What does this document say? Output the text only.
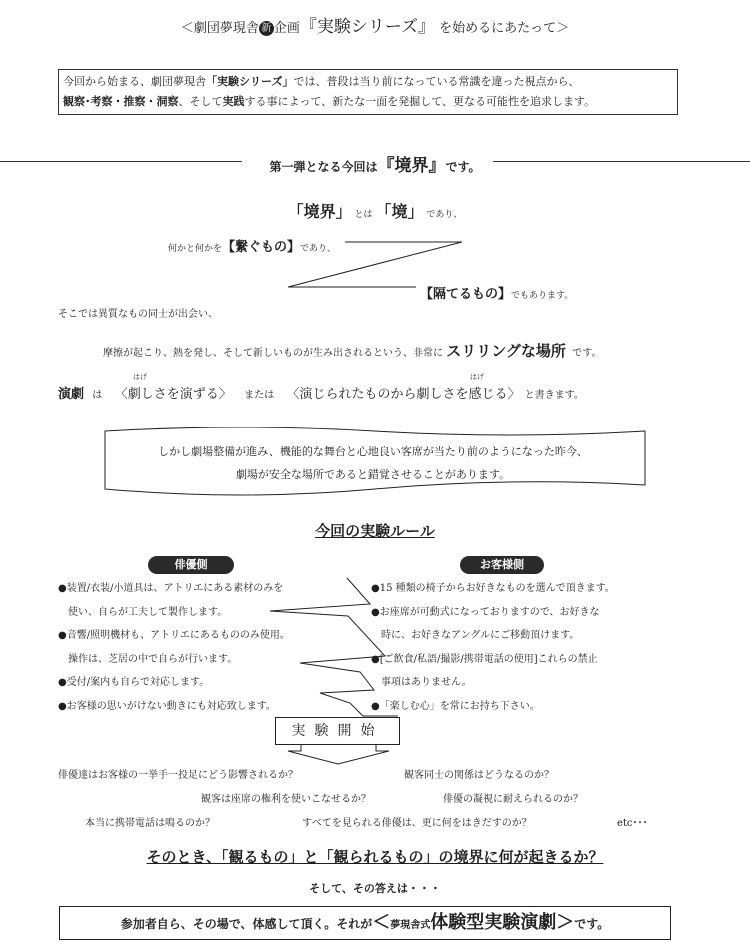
＜劇団夢現舎 新 企画『実験シリーズ』 を始めるにあたって＞
今回から始まる、劇団夢現舎「実験シリーズ」では、普段は当り前になっている常識を違った視点から、
観察･考察・推察・洞察、そして実践する事によって、新たな一面を発掘して、更なる可能性を追求します。
第一弾となる今回は『境界』です。
「境界」 とは 「境」 であり、
何かと何かを【繋ぐもの】であり、
【隔てるもの】でもあります。
そこでは異質なもの同士が出会い、
摩擦が起こり、熱を発し、そして新しいものが生み出されるという、非常に スリリングな場所 です。
はげ	はげ
演劇 は 〈劇しさを演ずる〉 または 〈演じられたものから劇しさを感じる〉 と書きます。
しかし劇場整備が進み、機能的な舞台と心地良い客席が当たり前のようになった昨今、
劇場が安全な場所であると錯覚させることがあります。
今回の実験ルール
俳優側	お客様側
●装置/衣装/小道具は、アトリエにある素材のみを
　使い、自らが工夫して製作します。
●音響/照明機材も、アトリエにあるもののみ使用。
　操作は、芝居の中で自らが行います。
●受付/案内も自らで対応します。
●お客様の思いがけない動きにも対応致します。
●15 種類の椅子からお好きなものを選んで頂きます。
●お座席が可動式になっておりますので、お好きな
　時に、お好きなアングルにご移動頂けます。
●[ご飲食/私語/撮影/携帯電話の使用]これらの禁止
　事項はありません。
●「楽しむ心」を常にお持ち下さい。
実験開始
俳優達はお客様の一挙手一投足にどう影響されるか？	観客同士の関係はどうなるのか？
観客は座席の権利を使いこなせるか？	俳優の凝視に耐えられるのか？
本当に携帯電話は鳴るのか？	すべてを見られる俳優は、更に何をはきだすのか？	etc･･･
そのとき、「観るもの」と「観られるもの」の境界に何が起きるか？
そして、その答えは・・・
参加者自ら、その場で、体感して頂く。それが＜夢現舎式体験型実験演劇＞です。
